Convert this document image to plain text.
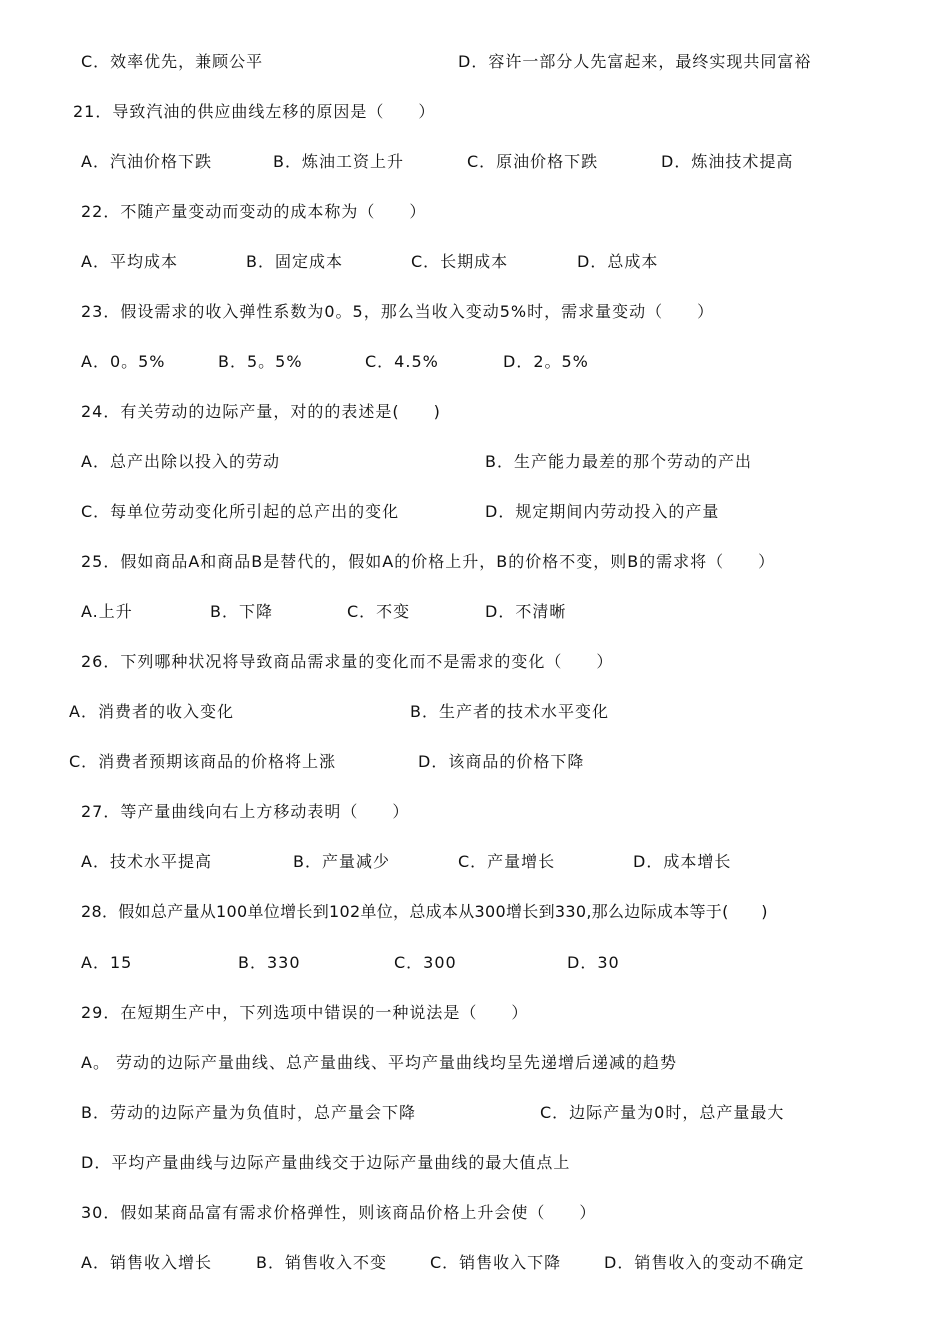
C．效率优先，兼顾公平	D．容许一部分人先富起来，最终实现共同富裕
21．导致汽油的供应曲线左移的原因是（　　）
A．汽油价格下跌	B．炼油工资上升	C．原油价格下跌	D．炼油技术提高
22．不随产量变动而变动的成本称为（　　）
A．平均成本	B．固定成本	C．长期成本	D．总成本
23．假设需求的收入弹性系数为0。5，那么当收入变动5%时，需求量变动（　　）
A．0。5%	B．5。5%	C．4.5%	D．2。5%
24．有关劳动的边际产量，对的的表述是(　　)
A．总产出除以投入的劳动	B．生产能力最差的那个劳动的产出
C．每单位劳动变化所引起的总产出的变化	D．规定期间内劳动投入的产量
25．假如商品A和商品B是替代的，假如A的价格上升，B的价格不变，则B的需求将（　　）
A.上升	B．下降	C．不变	D．不清晰
26．下列哪种状况将导致商品需求量的变化而不是需求的变化（　　）
A．消费者的收入变化	B．生产者的技术水平变化
C．消费者预期该商品的价格将上涨	D．该商品的价格下降
27．等产量曲线向右上方移动表明（　　）
A．技术水平提高	B．产量减少	C．产量增长	D．成本增长
28．假如总产量从100单位增长到102单位，总成本从300增长到330,那么边际成本等于(　　)
A．15	B．330	C．300	D．30
29．在短期生产中，下列选项中错误的一种说法是（　　）
A。 劳动的边际产量曲线、总产量曲线、平均产量曲线均呈先递增后递减的趋势
B．劳动的边际产量为负值时，总产量会下降	C．边际产量为0时，总产量最大
D．平均产量曲线与边际产量曲线交于边际产量曲线的最大值点上
30．假如某商品富有需求价格弹性，则该商品价格上升会使（　　）
A．销售收入增长	B．销售收入不变	C．销售收入下降	D．销售收入的变动不确定
